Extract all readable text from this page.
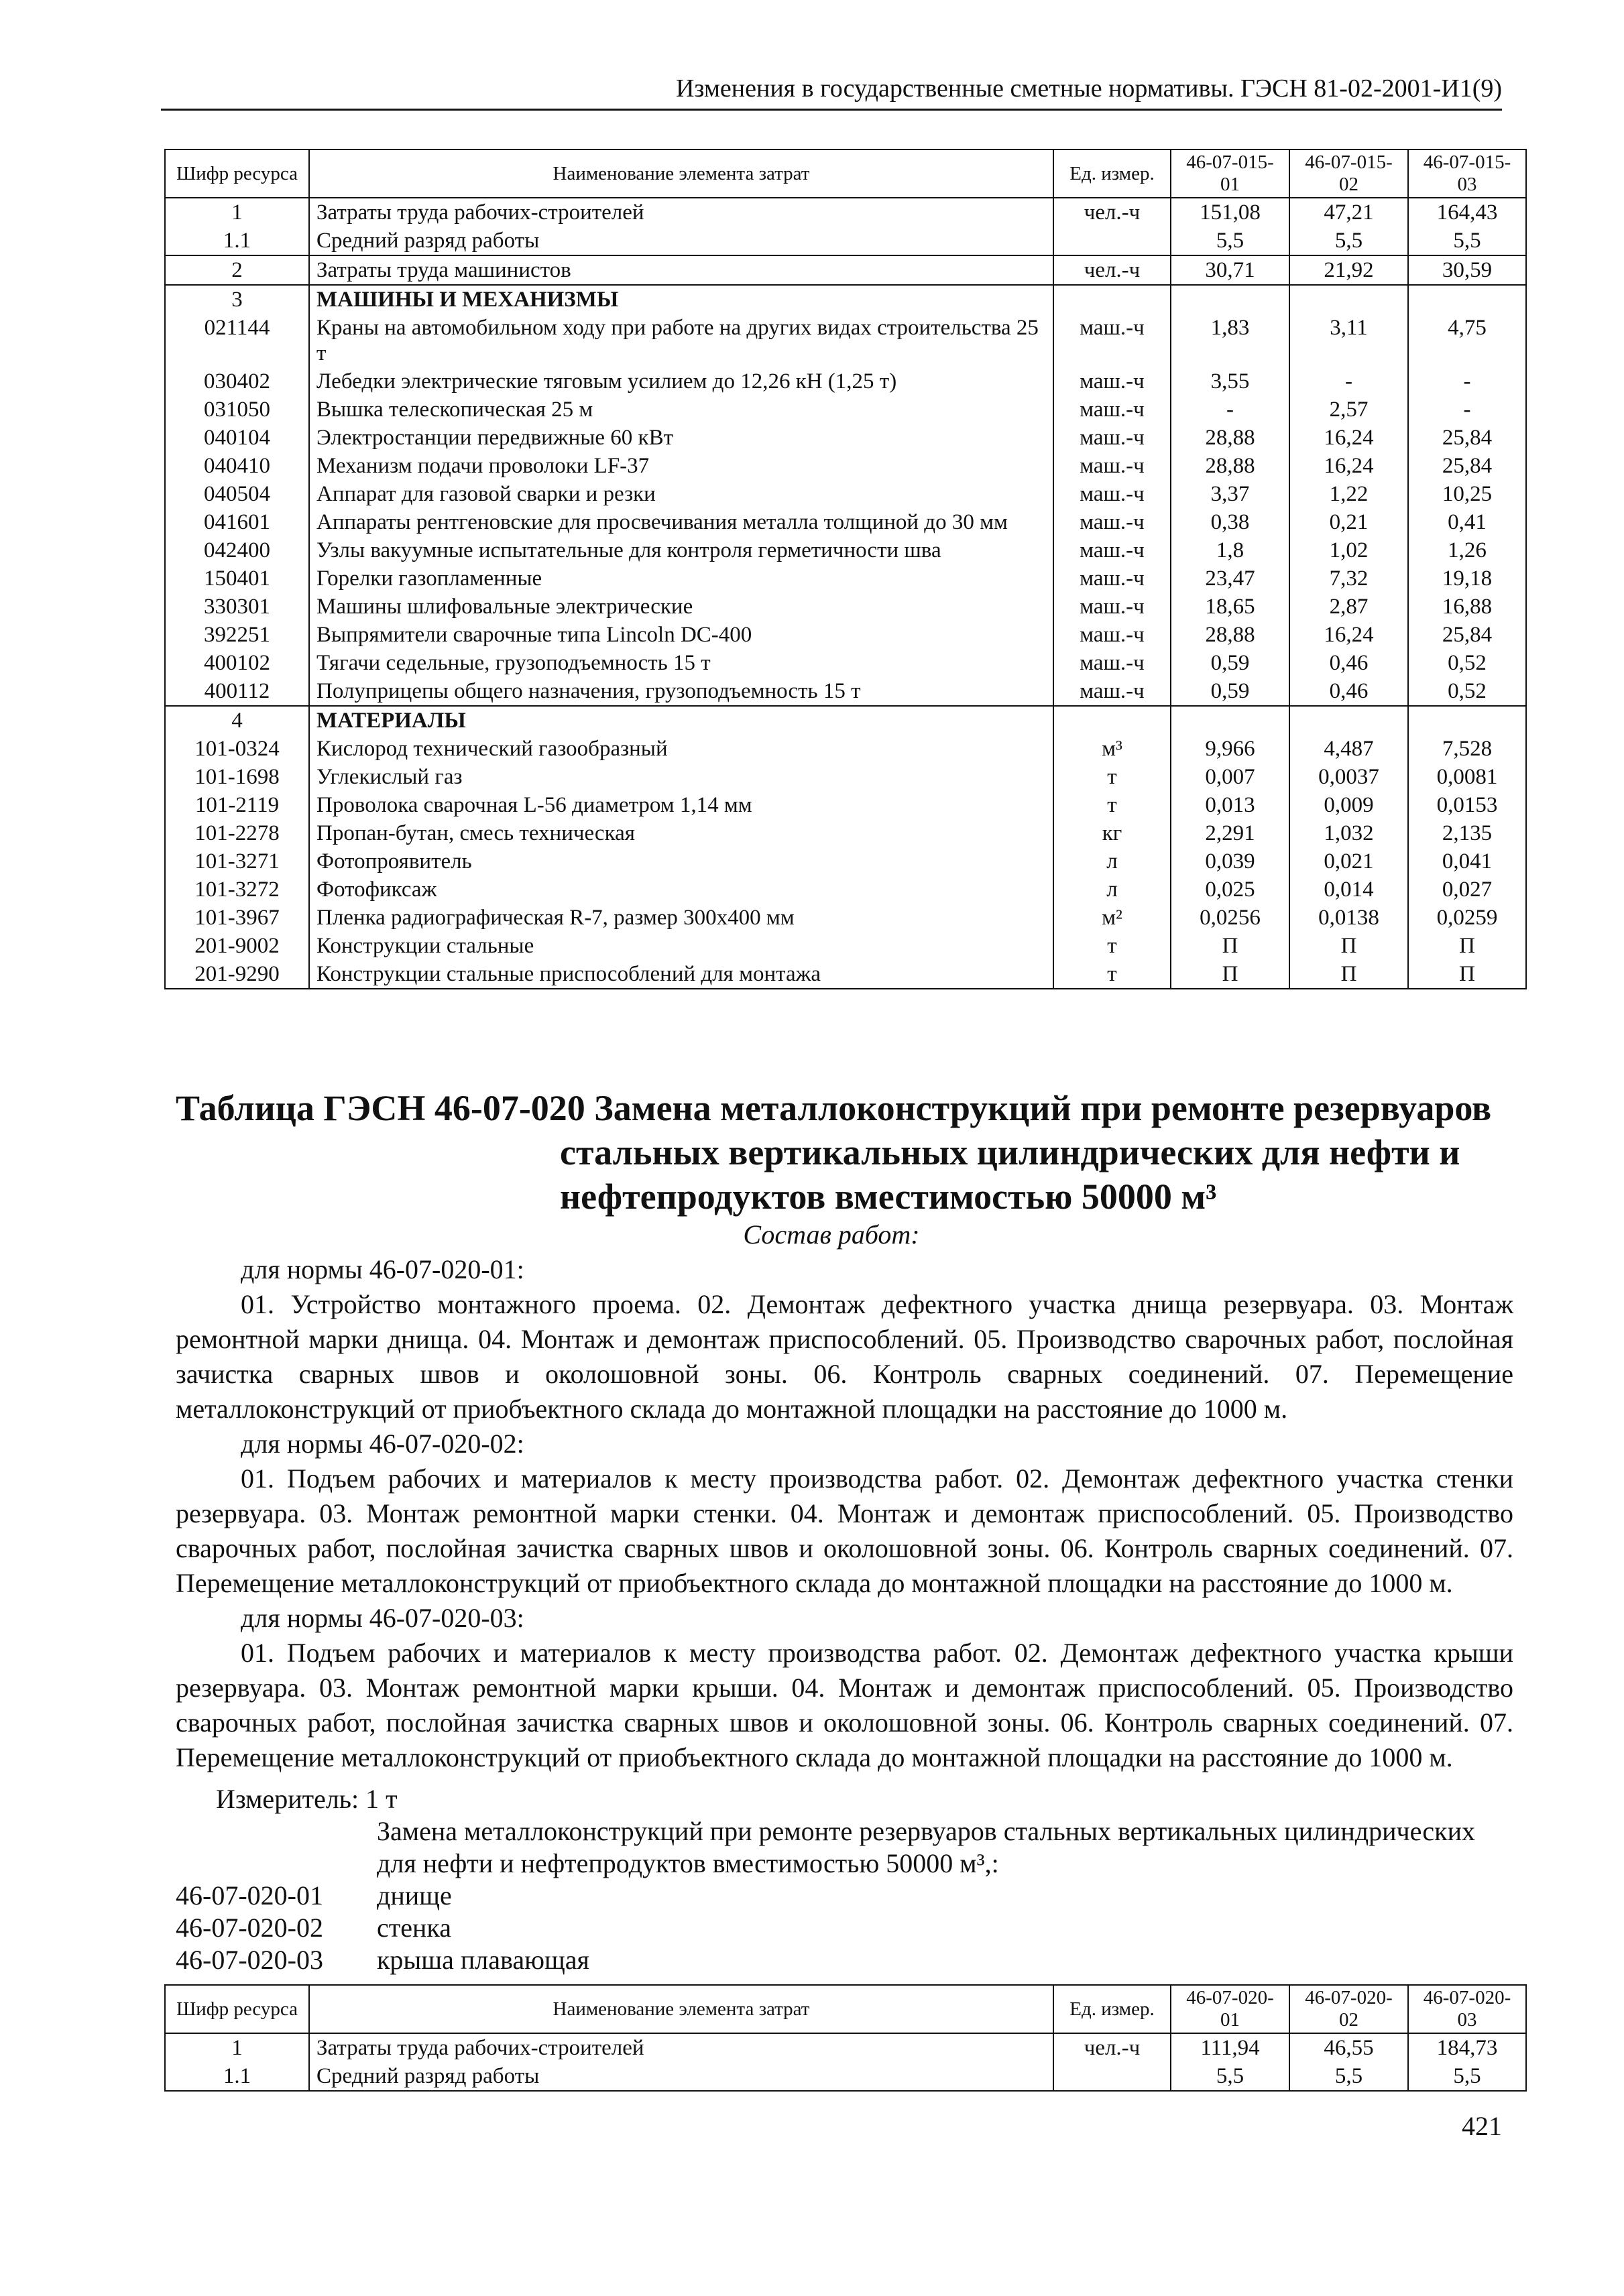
Изменения в государственные сметные нормативы. ГЭСН 81-02-2001-И1(9)
Шифр ресурса	Наименование элемента затрат	Ед. измер.	46-07-015-01	46-07-015-02	46-07-015-03
1	Затраты труда рабочих-строителей	чел.-ч	151,08	47,21	164,43
1.1	Средний разряд работы		5,5	5,5	5,5
2	Затраты труда машинистов	чел.-ч	30,71	21,92	30,59
3	МАШИНЫ И МЕХАНИЗМЫ				
021144	Краны на автомобильном ходу при работе на других видах строительства 25 т	маш.-ч	1,83	3,11	4,75
030402	Лебедки электрические тяговым усилием до 12,26 кН (1,25 т)	маш.-ч	3,55	-	-
031050	Вышка телескопическая 25 м	маш.-ч	-	2,57	-
040104	Электростанции передвижные 60 кВт	маш.-ч	28,88	16,24	25,84
040410	Механизм подачи проволоки LF-37	маш.-ч	28,88	16,24	25,84
040504	Аппарат для газовой сварки и резки	маш.-ч	3,37	1,22	10,25
041601	Аппараты рентгеновские для просвечивания металла толщиной до 30 мм	маш.-ч	0,38	0,21	0,41
042400	Узлы вакуумные испытательные для контроля герметичности шва	маш.-ч	1,8	1,02	1,26
150401	Горелки газопламенные	маш.-ч	23,47	7,32	19,18
330301	Машины шлифовальные электрические	маш.-ч	18,65	2,87	16,88
392251	Выпрямители сварочные типа Lincoln DC-400	маш.-ч	28,88	16,24	25,84
400102	Тягачи седельные, грузоподъемность 15 т	маш.-ч	0,59	0,46	0,52
400112	Полуприцепы общего назначения, грузоподъемность 15 т	маш.-ч	0,59	0,46	0,52
4	МАТЕРИАЛЫ				
101-0324	Кислород технический газообразный	м³	9,966	4,487	7,528
101-1698	Углекислый газ	т	0,007	0,0037	0,0081
101-2119	Проволока сварочная L-56 диаметром 1,14 мм	т	0,013	0,009	0,0153
101-2278	Пропан-бутан, смесь техническая	кг	2,291	1,032	2,135
101-3271	Фотопроявитель	л	0,039	0,021	0,041
101-3272	Фотофиксаж	л	0,025	0,014	0,027
101-3967	Пленка радиографическая R-7, размер 300х400 мм	м²	0,0256	0,0138	0,0259
201-9002	Конструкции стальные	т	П	П	П
201-9290	Конструкции стальные приспособлений для монтажа	т	П	П	П
Таблица ГЭСН 46-07-020 Замена металлоконструкций при ремонте резервуаров
стальных вертикальных цилиндрических для нефти и
нефтепродуктов вместимостью 50000 м³
Состав работ:

для нормы 46-07-020-01:

01. Устройство монтажного проема. 02. Демонтаж дефектного участка днища резервуара. 03. Монтаж ремонтной марки днища. 04. Монтаж и демонтаж приспособлений. 05. Производство сварочных работ, послойная зачистка сварных швов и околошовной зоны. 06. Контроль сварных соединений. 07. Перемещение металлоконструкций от приобъектного склада до монтажной площадки на расстояние до 1000 м.

для нормы 46-07-020-02:

01. Подъем рабочих и материалов к месту производства работ. 02. Демонтаж дефектного участка стенки резервуара. 03. Монтаж ремонтной марки стенки. 04. Монтаж и демонтаж приспособлений. 05. Производство сварочных работ, послойная зачистка сварных швов и околошовной зоны. 06. Контроль сварных соединений. 07. Перемещение металлоконструкций от приобъектного склада до монтажной площадки на расстояние до 1000 м.

для нормы 46-07-020-03:

01. Подъем рабочих и материалов к месту производства работ. 02. Демонтаж дефектного участка крыши резервуара. 03. Монтаж ремонтной марки крыши. 04. Монтаж и демонтаж приспособлений. 05. Производство сварочных работ, послойная зачистка сварных швов и околошовной зоны. 06. Контроль сварных соединений. 07. Перемещение металлоконструкций от приобъектного склада до монтажной площадки на расстояние до 1000 м.

Измеритель: 1 т
Замена металлоконструкций при ремонте резервуаров стальных вертикальных цилиндрических для нефти и нефтепродуктов вместимостью 50000 м³,:
46-07-020-01	днище
46-07-020-02	стенка
46-07-020-03	крыша плавающая
Шифр ресурса	Наименование элемента затрат	Ед. измер.	46-07-020-01	46-07-020-02	46-07-020-03
1	Затраты труда рабочих-строителей	чел.-ч	111,94	46,55	184,73
1.1	Средний разряд работы		5,5	5,5	5,5
421
